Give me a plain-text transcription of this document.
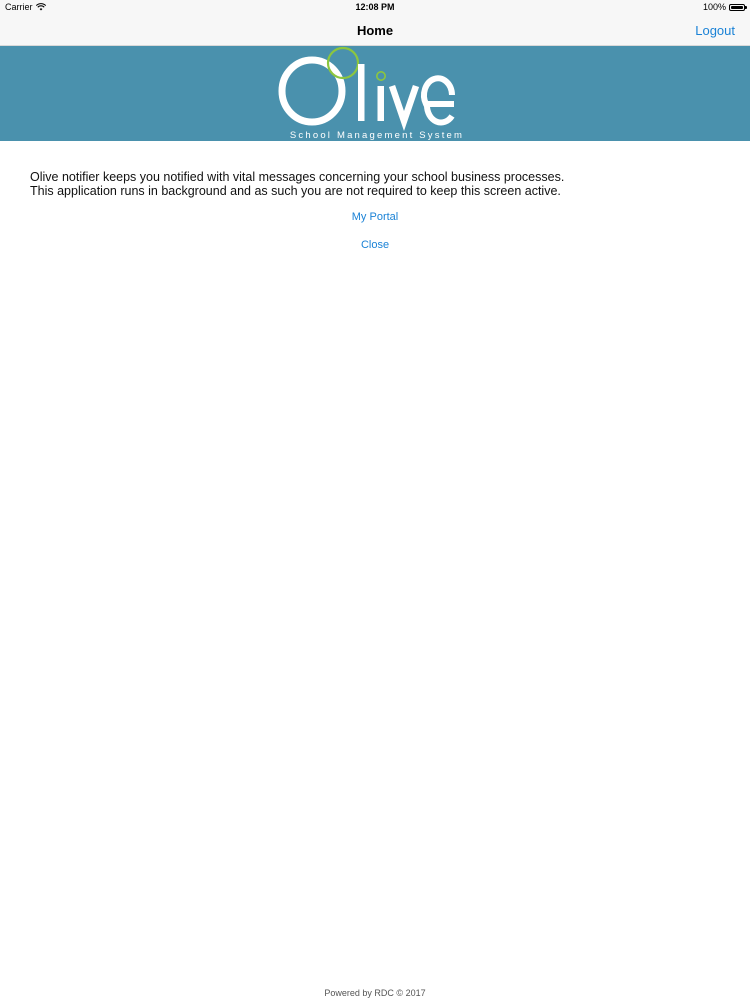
Carrier	12:08 PM	100%
Home	Logout
School Management System

Olive notifier keeps you notified with vital messages concerning your school business processes.
This application runs in background and as such you are not required to keep this screen active.

My Portal
Close
Powered by RDC © 2017
